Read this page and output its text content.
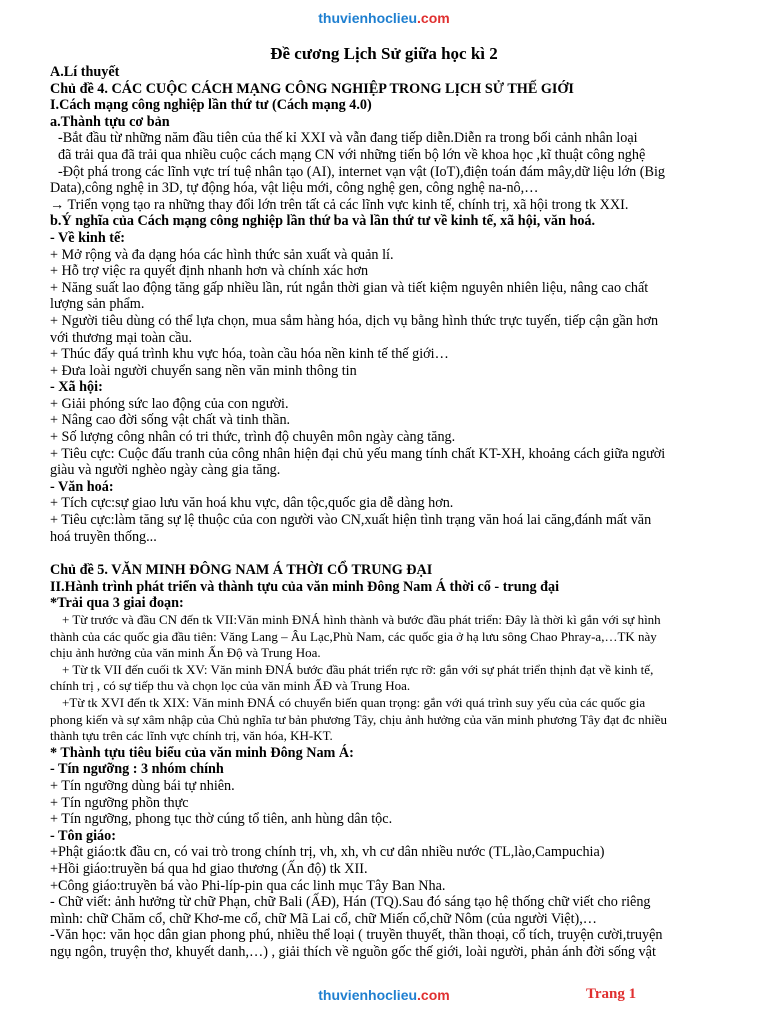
thuvienhoclieu.com
Đề cương Lịch Sử giữa học kì 2

A.Lí thuyết

Chủ đề 4. CÁC CUỘC CÁCH MẠNG CÔNG NGHIỆP TRONG LỊCH SỬ THẾ GIỚI

I.Cách mạng công nghiệp lần thứ tư (Cách mạng 4.0)

a.Thành tựu cơ bản

-Bắt đầu từ những năm đầu tiên của thế kỉ XXI và vẫn đang tiếp diễn.Diễn ra trong bối cảnh nhân loại

đã trải qua đã trải qua nhiều cuộc cách mạng CN với những tiến bộ lớn về khoa học ,kĩ thuật công nghệ

-Đột phá trong các lĩnh vực trí tuệ nhân tạo (AI), internet vạn vật (IoT),điện toán đám mây,dữ liệu lớn (Big

Data),công nghệ in 3D, tự động hóa, vật liệu mới, công nghệ gen, công nghệ na-nô,…

→ Triển vọng tạo ra những thay đổi lớn trên tất cả các lĩnh vực kinh tế, chính trị, xã hội trong tk XXI.

b.Ý nghĩa của Cách mạng công nghiệp lần thứ ba và lần thứ tư về kinh tế, xã hội, văn hoá.

- Về kinh tế:

+ Mở rộng và đa dạng hóa các hình thức sản xuất và quản lí.

+ Hỗ trợ việc ra quyết định nhanh hơn và chính xác hơn

+ Năng suất lao động tăng gấp nhiều lần, rút ngắn thời gian và tiết kiệm nguyên nhiên liệu, nâng cao chất

lượng sản phẩm.

+ Người tiêu dùng có thể lựa chọn, mua sắm hàng hóa, dịch vụ bằng hình thức trực tuyến, tiếp cận gần hơn

với thương mại toàn cầu.

+ Thúc đẩy quá trình khu vực hóa, toàn cầu hóa nền kinh tế thế giới…

+ Đưa loài người chuyển sang nền văn minh thông tin

- Xã hội:

+ Giải phóng sức lao động của con người.

+ Nâng cao đời sống vật chất và tinh thần.

+ Số lượng công nhân có tri thức, trình độ chuyên môn ngày càng tăng.

+ Tiêu cực: Cuộc đấu tranh của công nhân hiện đại chủ yếu mang tính chất KT-XH, khoảng cách giữa người

giàu và người nghèo ngày càng gia tăng.

- Văn hoá:

+ Tích cực:sự giao lưu văn hoá khu vực, dân tộc,quốc gia dễ dàng hơn.

+ Tiêu cực:làm tăng sự lệ thuộc của con người vào CN,xuất hiện tình trạng văn hoá lai căng,đánh mất văn

hoá truyền thống...

Chủ đề 5. VĂN MINH ĐÔNG NAM Á THỜI CỔ TRUNG ĐẠI

II.Hành trình phát triển và thành tựu của văn minh Đông Nam Á thời cổ - trung đại

*Trải qua 3 giai đoạn:

+ Từ trước và đầu CN đến tk VII:Văn minh ĐNÁ hình thành và bước đầu phát triển: Đây là thời kì gắn với sự hình

thành của các quốc gia đầu tiên: Văng Lang – Âu Lạc,Phù Nam, các quốc gia ở hạ lưu sông Chao Phray-a,…TK này

chịu ảnh hưởng của văn minh Ấn Độ và Trung Hoa.

+ Từ tk VII đến cuối tk XV: Văn minh ĐNÁ bước đầu phát triển rực rỡ: gắn với sự phát triển thịnh đạt về kinh tế,

chính trị , có sự tiếp thu và chọn lọc của văn minh ẤĐ và Trung Hoa.

+Từ tk XVI đến tk XIX: Văn minh ĐNÁ có chuyển biến quan trọng: gắn với quá trình suy yếu của các quốc gia

phong kiến và sự xâm nhập của Chủ nghĩa tư bản phương Tây, chịu ảnh hưởng của văn minh phương Tây đạt đc nhiều

thành tựu trên các lĩnh vực chính trị, văn hóa, KH-KT.

* Thành tựu tiêu biểu của văn minh Đông Nam Á:

- Tín ngưỡng : 3 nhóm chính

+ Tín ngưỡng dùng bái tự nhiên.

+ Tín ngưỡng phồn thực

+ Tín ngưỡng, phong tục thờ cúng tổ tiên, anh hùng dân tộc.

- Tôn giáo:

+Phật giáo:tk đầu cn, có vai trò trong chính trị, vh, xh, vh cư dân nhiều nước (TL,lào,Campuchia)

+Hồi giáo:truyền bá qua hd giao thương (Ấn độ) tk XII.

+Công giáo:truyền bá vào Phi-líp-pin qua các linh mục Tây Ban Nha.

- Chữ viết: ảnh hưởng từ chữ Phạn, chữ Bali (ẤĐ), Hán (TQ).Sau đó sáng tạo hệ thống chữ viết cho riêng

mình: chữ Chăm cổ, chữ Khơ-me cổ, chữ Mã Lai cổ, chữ Miến cổ,chữ Nôm (của người Việt),…

-Văn học: văn học dân gian phong phú, nhiều thể loại ( truyền thuyết, thần thoại, cổ tích, truyện cười,truyện

ngụ ngôn, truyện thơ, khuyết danh,…) , giải thích về nguồn gốc thế giới, loài người, phản ánh đời sống vật

thuvienhoclieu.com	Trang 1
